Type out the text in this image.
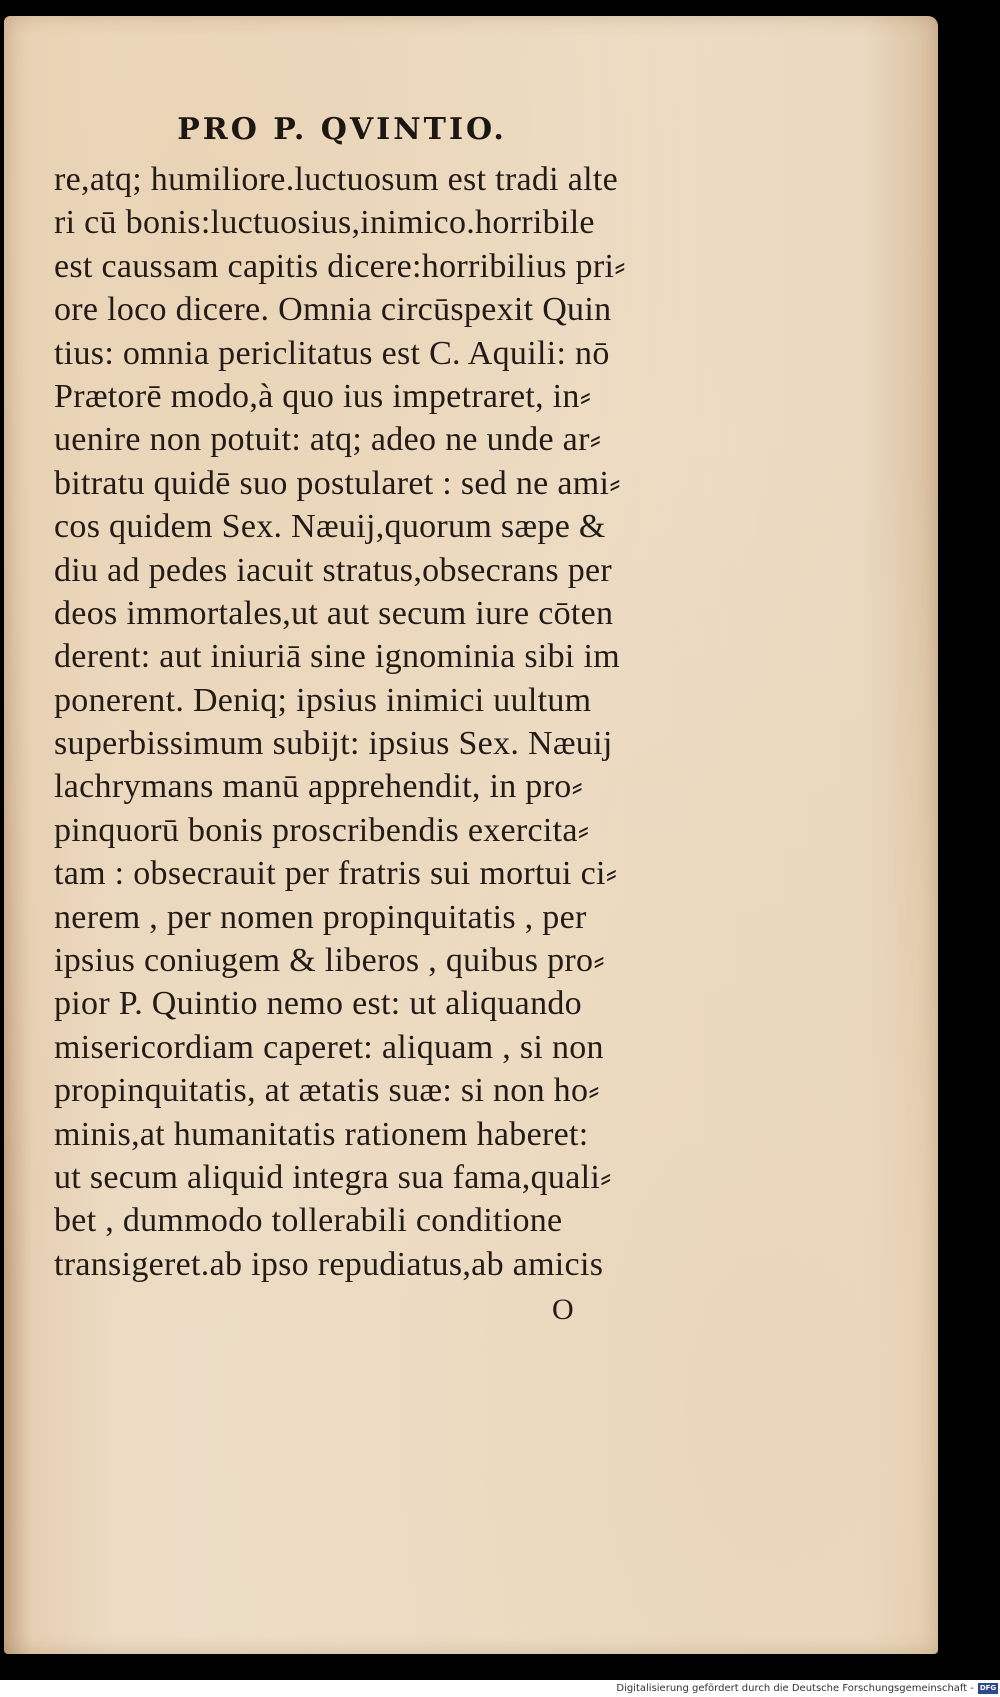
PRO P. QVINTIO.
re,atq; humiliore.luctuosum est tradi alte
ri cū bonis:luctuosius,inimico.horribile
est caussam capitis dicere:horribilius pri⸗
ore loco dicere. Omnia circūspexit Quin
tius: omnia periclitatus est C. Aquili: nō
Prætorē modo,à quo ius impetraret, in⸗
uenire non potuit: atq; adeo ne unde ar⸗
bitratu quidē suo postularet : sed ne ami⸗
cos quidem Sex. Næuij,quorum sæpe &
diu ad pedes iacuit stratus,obsecrans per
deos immortales,ut aut secum iure cōten
derent: aut iniuriā sine ignominia sibi im
ponerent. Deniq; ipsius inimici uultum
superbissimum subijt: ipsius Sex. Næuij
lachrymans manū apprehendit, in pro⸗
pinquorū bonis proscribendis exercita⸗
tam : obsecrauit per fratris sui mortui ci⸗
nerem , per nomen propinquitatis , per
ipsius coniugem & liberos , quibus pro⸗
pior P. Quintio nemo est: ut aliquando
misericordiam caperet: aliquam , si non
propinquitatis, at ætatis suæ: si non ho⸗
minis,at humanitatis rationem haberet:
ut secum aliquid integra sua fama,quali⸗
bet , dummodo tollerabili conditione
transigeret.ab ipso repudiatus,ab amicis
O
Digitalisierung gefördert durch die Deutsche Forschungsgemeinschaft - DFG
